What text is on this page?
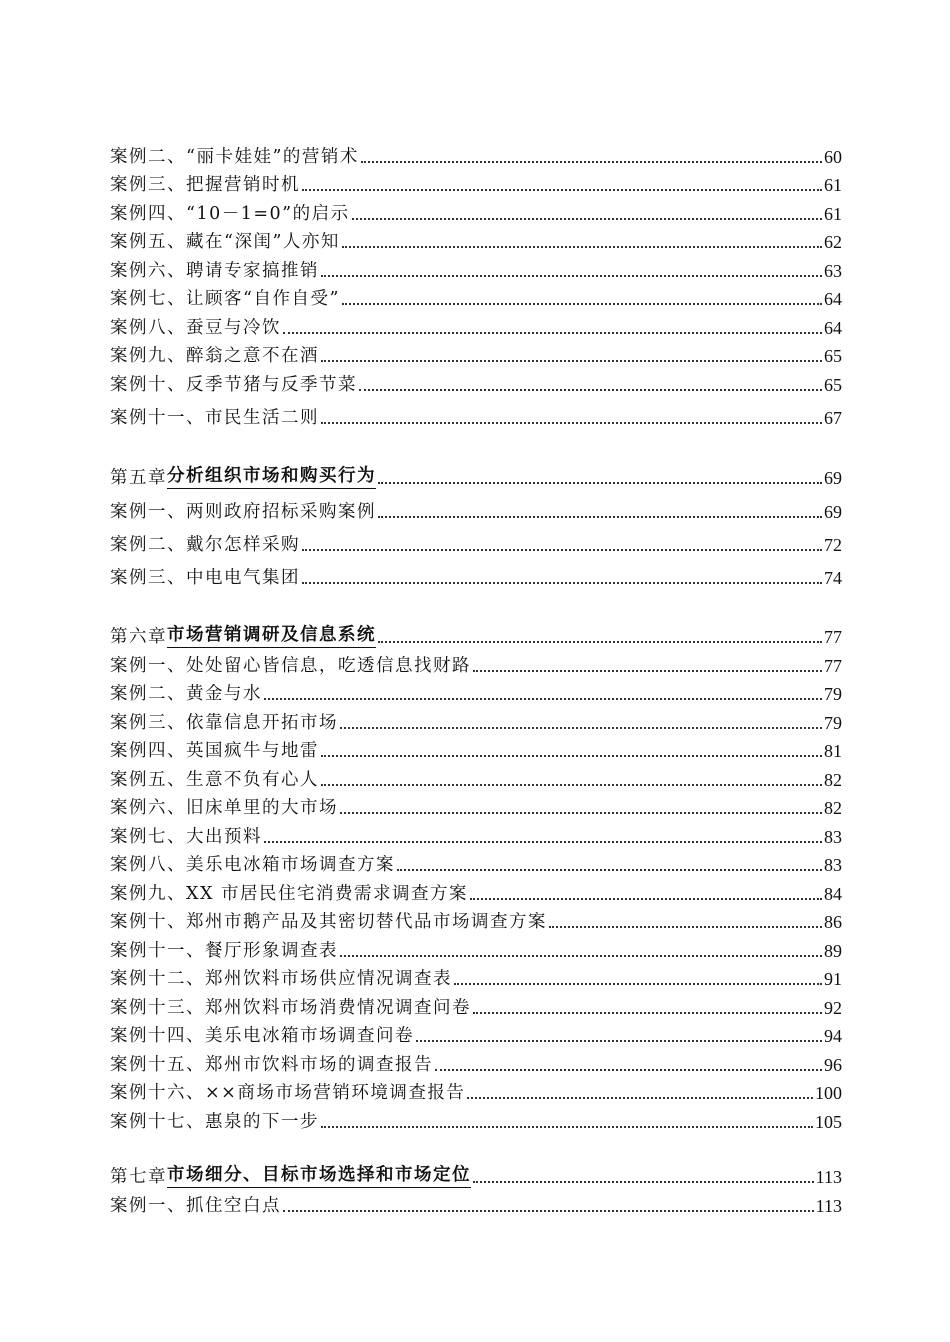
案例二、“丽卡娃娃”的营销术	60
案例三、把握营销时机	61
案例四、“10－1=0”的启示	61
案例五、藏在“深闺”人亦知	62
案例六、聘请专家搞推销	63
案例七、让顾客“自作自受”	64
案例八、蚕豆与冷饮	64
案例九、醉翁之意不在酒	65
案例十、反季节猪与反季节菜	65
案例十一、市民生活二则	67
第五章 分析组织市场和购买行为	69
案例一、两则政府招标采购案例	69
案例二、戴尔怎样采购	72
案例三、中电电气集团	74
第六章 市场营销调研及信息系统	77
案例一、处处留心皆信息，吃透信息找财路	77
案例二、黄金与水	79
案例三、依靠信息开拓市场	79
案例四、英国疯牛与地雷	81
案例五、生意不负有心人	82
案例六、旧床单里的大市场	82
案例七、大出预料	83
案例八、美乐电冰箱市场调查方案	83
案例九、XX 市居民住宅消费需求调查方案	84
案例十、郑州市鹅产品及其密切替代品市场调查方案	86
案例十一、餐厅形象调查表	89
案例十二、郑州饮料市场供应情况调查表	91
案例十三、郑州饮料市场消费情况调查问卷	92
案例十四、美乐电冰箱市场调查问卷	94
案例十五、郑州市饮料市场的调查报告	96
案例十六、××商场市场营销环境调查报告	100
案例十七、惠泉的下一步	105
第七章 市场细分、目标市场选择和市场定位	113
案例一、抓住空白点	113
